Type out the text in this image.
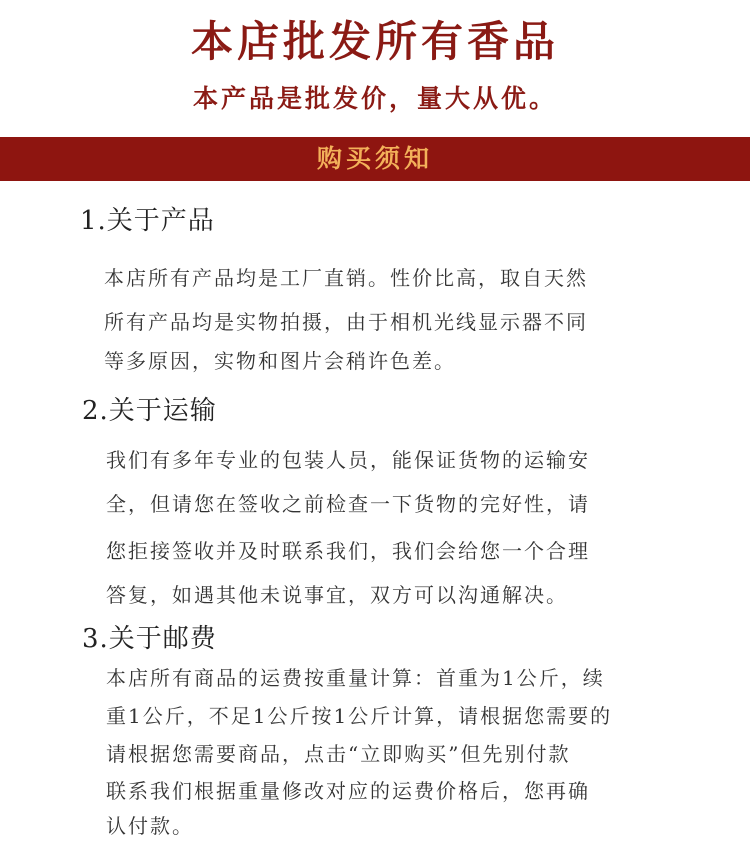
本店批发所有香品
本产品是批发价，量大从优。
购买须知
1.关于产品
本店所有产品均是工厂直销。性价比高，取自天然
所有产品均是实物拍摄，由于相机光线显示器不同
等多原因，实物和图片会稍许色差。
2.关于运输
我们有多年专业的包装人员，能保证货物的运输安
全，但请您在签收之前检查一下货物的完好性，请
您拒接签收并及时联系我们，我们会给您一个合理
答复，如遇其他未说事宜，双方可以沟通解决。
3.关于邮费
本店所有商品的运费按重量计算：首重为1公斤，续
重1公斤，不足1公斤按1公斤计算，请根据您需要的
请根据您需要商品，点击“立即购买”但先别付款
联系我们根据重量修改对应的运费价格后，您再确
认付款。
